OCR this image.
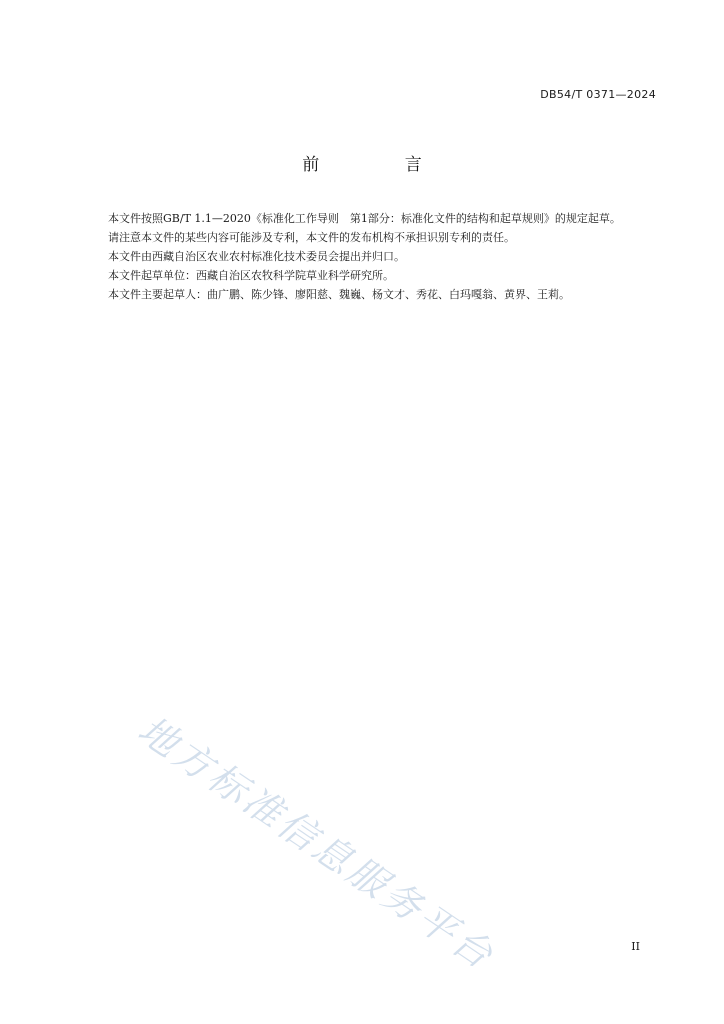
DB54/T 0371—2024
前 言

本文件按照GB/T 1.1—2020《标准化工作导则　第1部分：标准化文件的结构和起草规则》的规定起草。

请注意本文件的某些内容可能涉及专利，本文件的发布机构不承担识别专利的责任。

本文件由西藏自治区农业农村标准化技术委员会提出并归口。

本文件起草单位：西藏自治区农牧科学院草业科学研究所。

本文件主要起草人：曲广鹏、陈少锋、廖阳慈、魏巍、杨文才、秀花、白玛嘎翁、黄界、王莉。

地方标准信息服务平台	II
